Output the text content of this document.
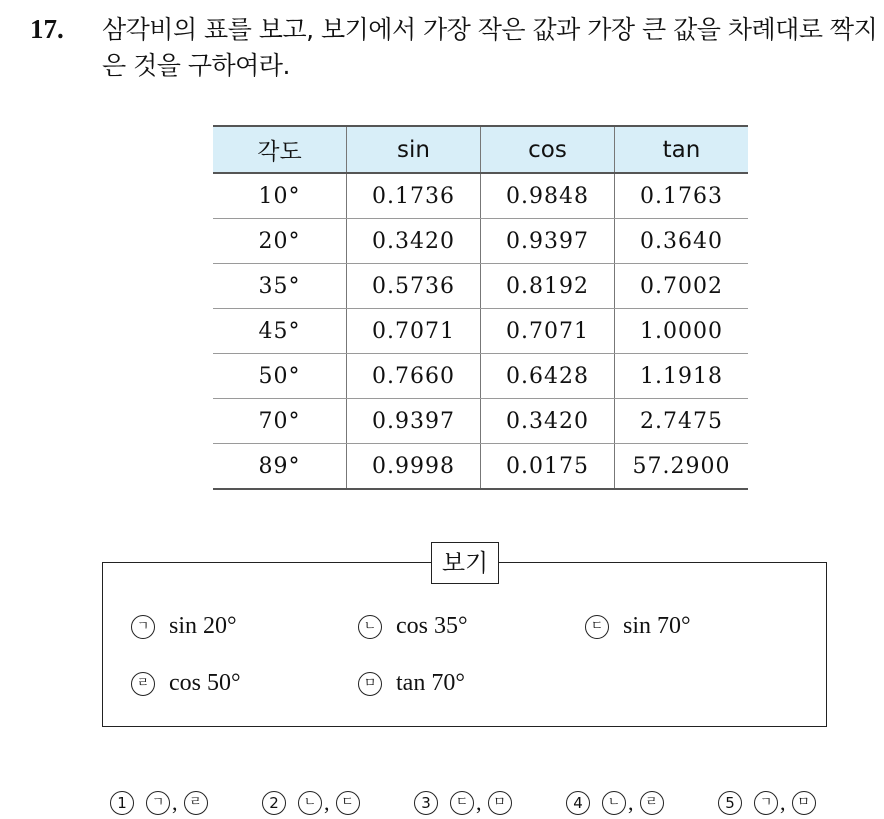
17. 삼각비의 표를 보고, 보기에서 가장 작은 값과 가장 큰 값을 차례대로 짝지은 것을 구하여라.
각도	sin	cos	tan
10°	0.1736	0.9848	0.1763
20°	0.3420	0.9397	0.3640
35°	0.5736	0.8192	0.7002
45°	0.7071	0.7071	1.0000
50°	0.7660	0.6428	1.1918
70°	0.9397	0.3420	2.7475
89°	0.9998	0.0175	57.2900
보기
ㄱ sin 20°	ㄴ cos 35°	ㄷ sin 70°
ㄹ cos 50°	ㅁ tan 70°
1	ㄱ , ㄹ	2	ㄴ , ㄷ	3	ㄷ , ㅁ	4	ㄴ , ㄹ	5	ㄱ , ㅁ
